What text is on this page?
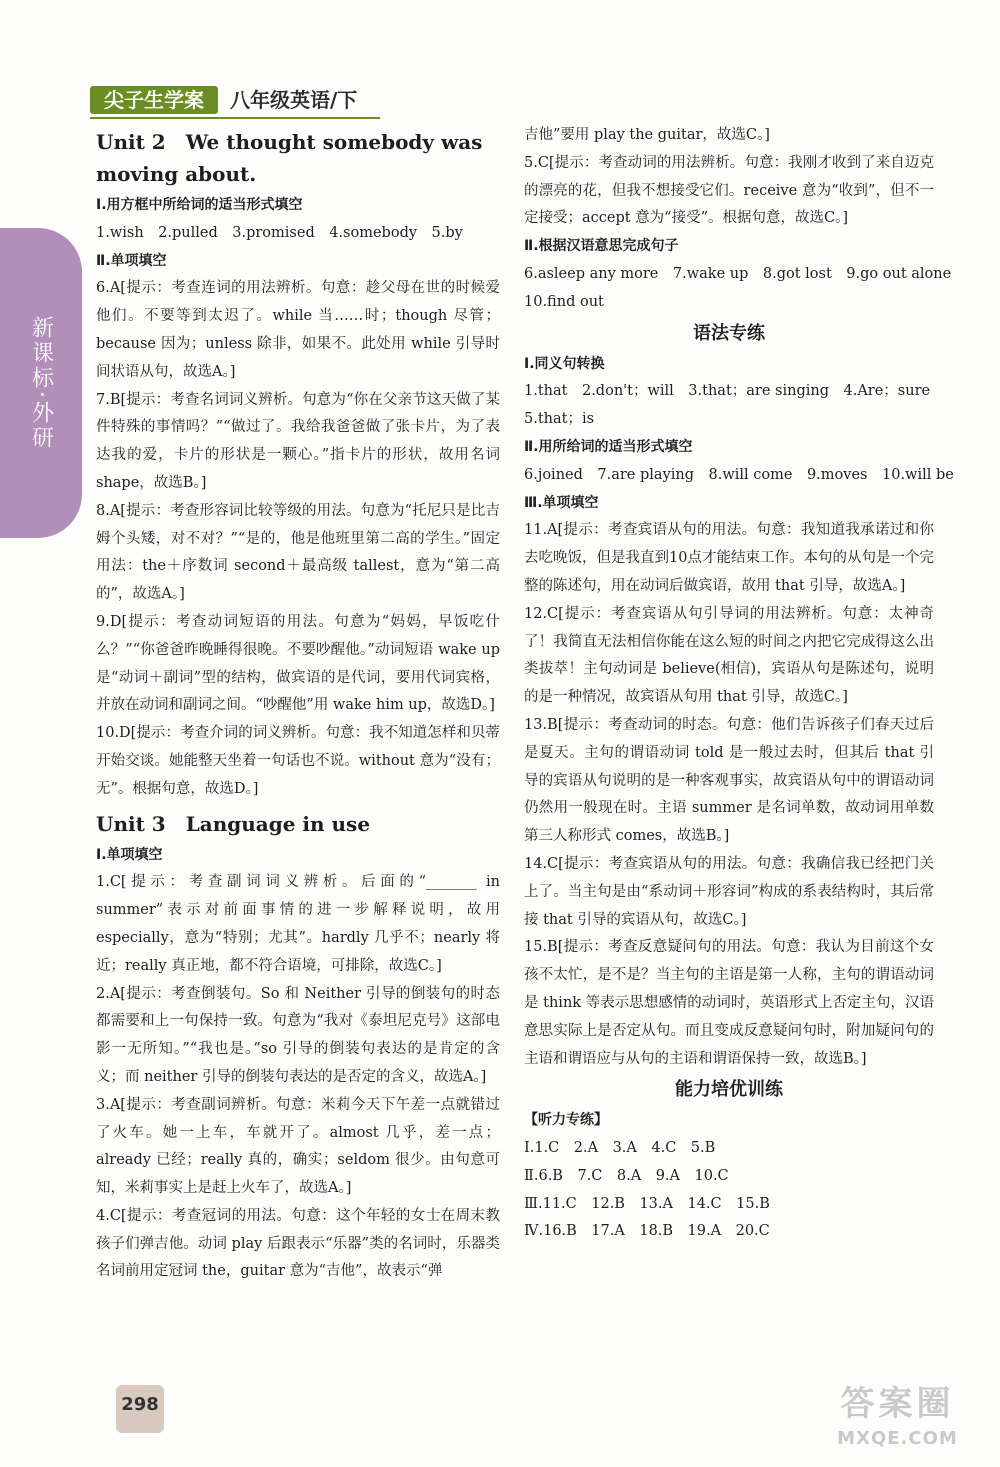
新课标·外研
尖子生学案	八年级英语/下
Unit 2　We thought somebody was moving about.
Ⅰ.用方框中所给词的适当形式填空
1.wish　2.pulled　3.promised　4.somebody　5.by
Ⅱ.单项填空
6.A[提示：考查连词的用法辨析。句意：趁父母在世的时候爱他们。不要等到太迟了。while 当……时；though 尽管；because 因为；unless 除非，如果不。此处用 while 引导时间状语从句，故选A。]
7.B[提示：考查名词词义辨析。句意为“你在父亲节这天做了某件特殊的事情吗？”“做过了。我给我爸爸做了张卡片，为了表达我的爱，卡片的形状是一颗心。”指卡片的形状，故用名词 shape，故选B。]
8.A[提示：考查形容词比较等级的用法。句意为“托尼只是比吉姆个头矮，对不对？”“是的，他是他班里第二高的学生。”固定用法：the＋序数词 second＋最高级 tallest，意为“第二高的”，故选A。]
9.D[提示：考查动词短语的用法。句意为“妈妈，早饭吃什么？”“你爸爸昨晚睡得很晚。不要吵醒他。”动词短语 wake up 是“动词＋副词”型的结构，做宾语的是代词，要用代词宾格，并放在动词和副词之间。“吵醒他”用 wake him up，故选D。]
10.D[提示：考查介词的词义辨析。句意：我不知道怎样和贝蒂开始交谈。她能整天坐着一句话也不说。without 意为“没有；无”。根据句意，故选D。]
Unit 3　Language in use
Ⅰ.单项填空
1.C[提示：考查副词词义辨析。后面的“_______ in summer”表示对前面事情的进一步解释说明，故用 especially，意为“特别；尤其”。hardly 几乎不；nearly 将近；really 真正地，都不符合语境，可排除，故选C。]
2.A[提示：考查倒装句。So 和 Neither 引导的倒装句的时态都需要和上一句保持一致。句意为“我对《泰坦尼克号》这部电影一无所知。”“我也是。”so 引导的倒装句表达的是肯定的含义；而 neither 引导的倒装句表达的是否定的含义，故选A。]
3.A[提示：考查副词辨析。句意：米莉今天下午差一点就错过了火车。她一上车，车就开了。almost 几乎，差一点；already 已经；really 真的，确实；seldom 很少。由句意可知，米莉事实上是赶上火车了，故选A。]
4.C[提示：考查冠词的用法。句意：这个年轻的女士在周末教孩子们弹吉他。动词 play 后跟表示“乐器”类的名词时，乐器类名词前用定冠词 the，guitar 意为“吉他”，故表示“弹
吉他”要用 play the guitar，故选C。]
5.C[提示：考查动词的用法辨析。句意：我刚才收到了来自迈克的漂亮的花，但我不想接受它们。receive 意为“收到”，但不一定接受；accept 意为“接受”。根据句意，故选C。]
Ⅱ.根据汉语意思完成句子
6.asleep any more　7.wake up　8.got lost　9.go out alone
10.find out
语法专练
Ⅰ.同义句转换
1.that　2.don't；will　3.that；are singing　4.Are；sure
5.that；is
Ⅱ.用所给词的适当形式填空
6.joined　7.are playing　8.will come　9.moves　10.will be
Ⅲ.单项填空
11.A[提示：考查宾语从句的用法。句意：我知道我承诺过和你去吃晚饭，但是我直到10点才能结束工作。本句的从句是一个完整的陈述句，用在动词后做宾语，故用 that 引导，故选A。]
12.C[提示：考查宾语从句引导词的用法辨析。句意：太神奇了！我简直无法相信你能在这么短的时间之内把它完成得这么出类拔萃！主句动词是 believe(相信)，宾语从句是陈述句，说明的是一种情况，故宾语从句用 that 引导，故选C。]
13.B[提示：考查动词的时态。句意：他们告诉孩子们春天过后是夏天。主句的谓语动词 told 是一般过去时，但其后 that 引导的宾语从句说明的是一种客观事实，故宾语从句中的谓语动词仍然用一般现在时。主语 summer 是名词单数，故动词用单数第三人称形式 comes，故选B。]
14.C[提示：考查宾语从句的用法。句意：我确信我已经把门关上了。当主句是由“系动词＋形容词”构成的系表结构时，其后常接 that 引导的宾语从句，故选C。]
15.B[提示：考查反意疑问句的用法。句意：我认为目前这个女孩不太忙，是不是？当主句的主语是第一人称，主句的谓语动词是 think 等表示思想感情的动词时，英语形式上否定主句，汉语意思实际上是否定从句。而且变成反意疑问句时，附加疑问句的主语和谓语应与从句的主语和谓语保持一致，故选B。]
能力培优训练
【听力专练】
Ⅰ.1.C　2.A　3.A　4.C　5.B
Ⅱ.6.B　7.C　8.A　9.A　10.C
Ⅲ.11.C　12.B　13.A　14.C　15.B
Ⅳ.16.B　17.A　18.B　19.A　20.C
298	答案圈
MXQE.COM
